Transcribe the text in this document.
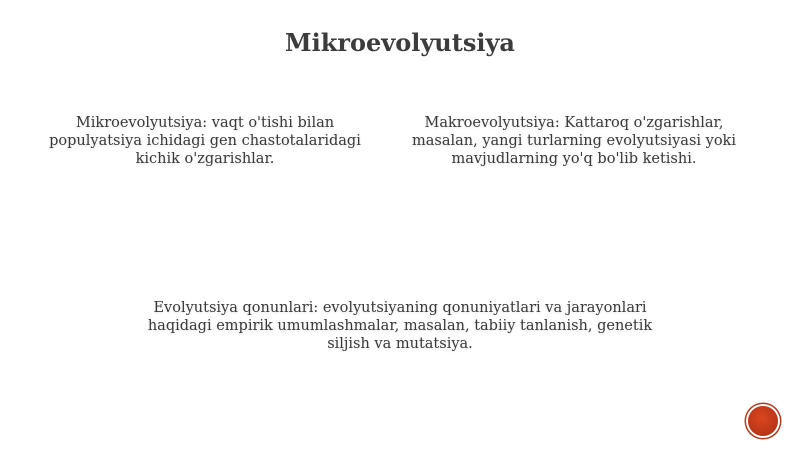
Mikroevolyutsiya
Mikroevolyutsiya: vaqt o'tishi bilan populyatsiya ichidagi gen chastotalaridagi kichik o'zgarishlar.
Makroevolyutsiya: Kattaroq o'zgarishlar, masalan, yangi turlarning evolyutsiyasi yoki mavjudlarning yo'q bo'lib ketishi.
Evolyutsiya qonunlari: evolyutsiyaning qonuniyatlari va jarayonlari haqidagi empirik umumlashmalar, masalan, tabiiy tanlanish, genetik siljish va mutatsiya.
